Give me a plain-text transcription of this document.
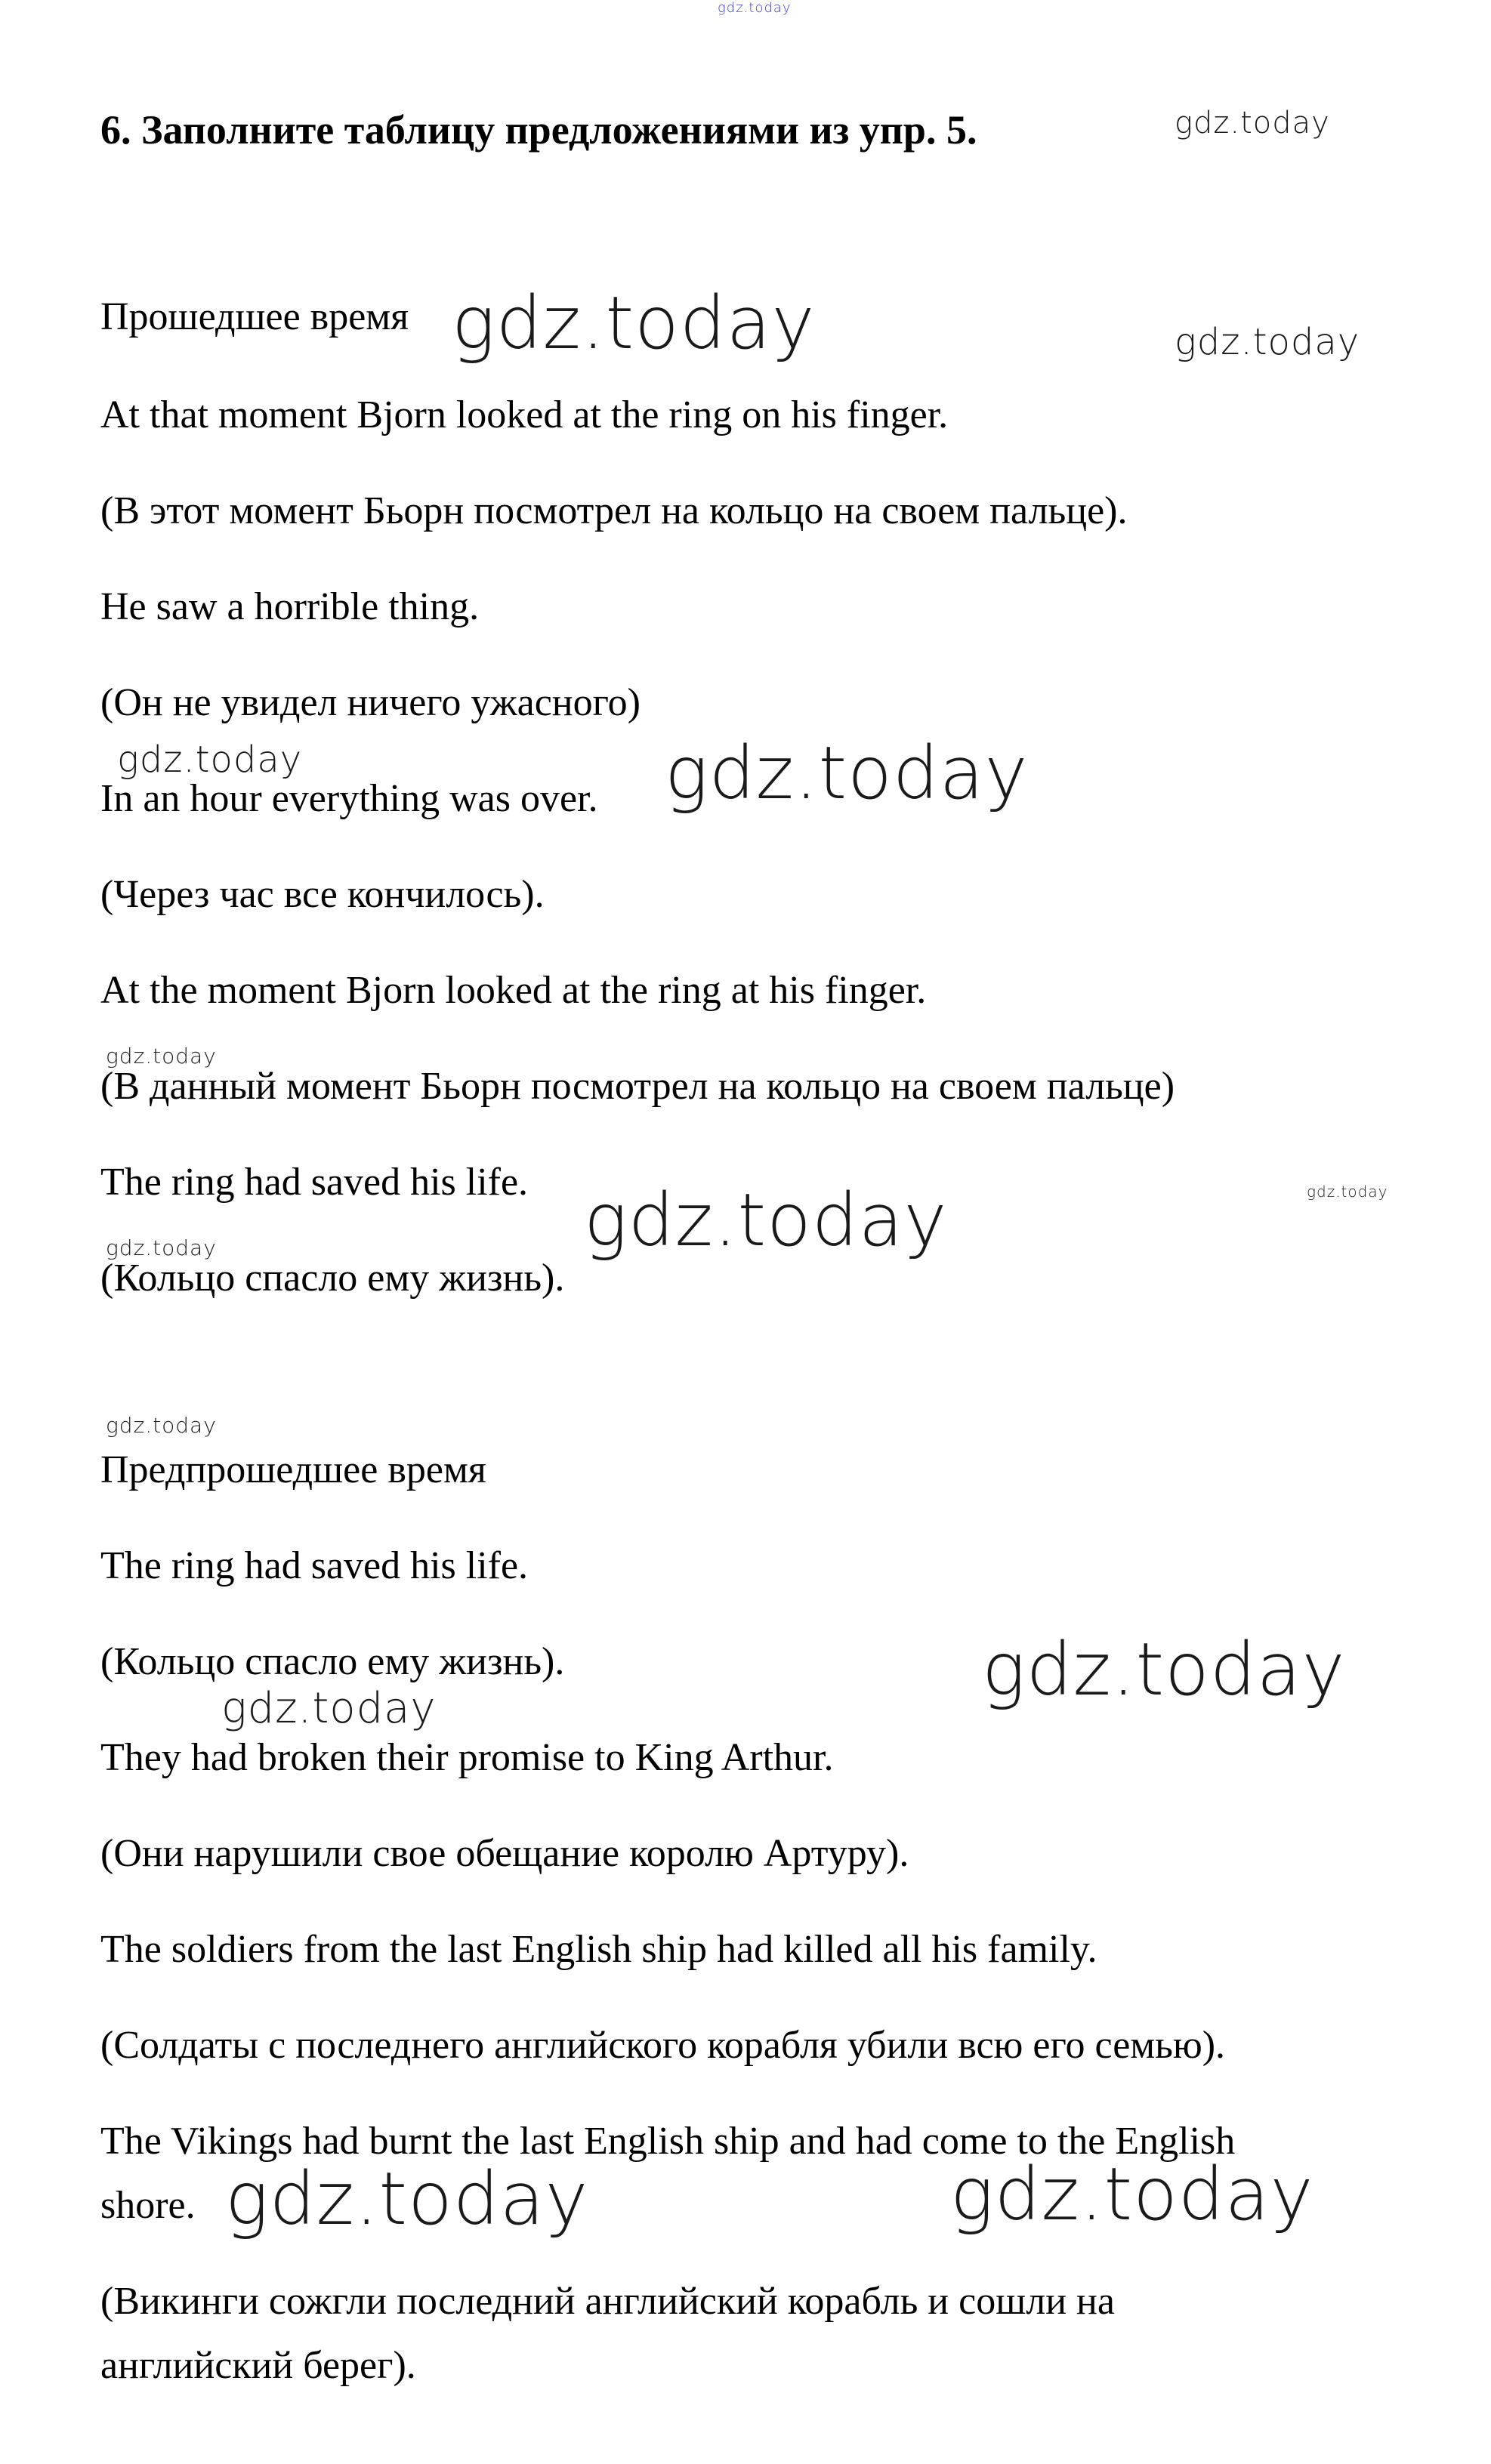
gdz.today
6. Заполните таблицу предложениями из упр. 5.
Прошедшее время
At that moment Bjorn looked at the ring on his finger.
(В этот момент Бьорн посмотрел на кольцо на своем пальце).
He saw a horrible thing.
(Он не увидел ничего ужасного)
In an hour everything was over.
(Через час все кончилось).
At the moment Bjorn looked at the ring at his finger.
(В данный момент Бьорн посмотрел на кольцо на своем пальце)
The ring had saved his life.
(Кольцо спасло ему жизнь).
Предпрошедшее время
The ring had saved his life.
(Кольцо спасло ему жизнь).
They had broken their promise to King Arthur.
(Они нарушили свое обещание королю Артуру).
The soldiers from the last English ship had killed all his family.
(Солдаты с последнего английского корабля убили всю его семью).
The Vikings had burnt the last English ship and had come to the English
shore.
(Викинги сожгли последний английский корабль и сошли на
английский берег).
gdz.today
gdz.today	gdz.today
gdz.today	gdz.today
gdz.today
gdz.today
gdz.today
gdz.today
gdz.today
gdz.today
gdz.today
gdz.today	gdz.today
